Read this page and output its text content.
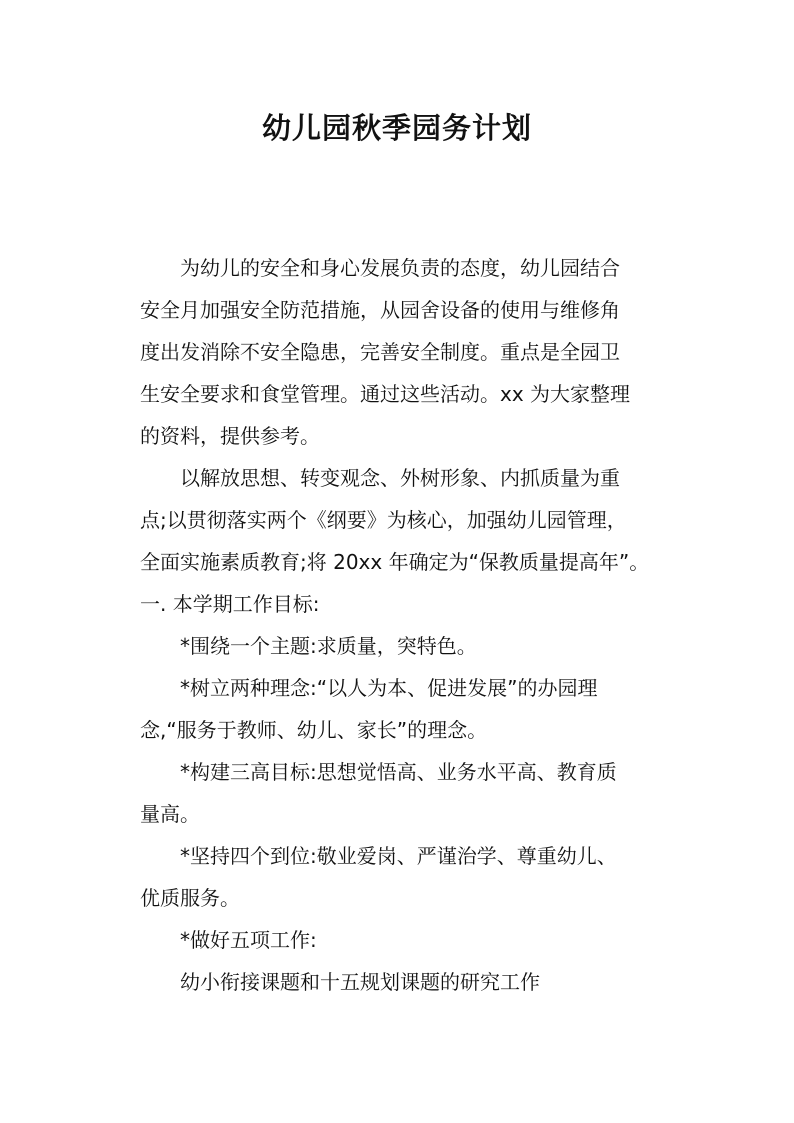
幼儿园秋季园务计划
为幼儿的安全和身心发展负责的态度，幼儿园结合
安全月加强安全防范措施，从园舍设备的使用与维修角
度出发消除不安全隐患，完善安全制度。重点是全园卫
生安全要求和食堂管理。通过这些活动。xx 为大家整理
的资料，提供参考。
以解放思想、转变观念、外树形象、内抓质量为重
点;以贯彻落实两个《纲要》为核心，加强幼儿园管理，
全面实施素质教育;将 20xx 年确定为“保教质量提高年”。
一. 本学期工作目标:
*围绕一个主题:求质量，突特色。
*树立两种理念:“以人为本、促进发展”的办园理
念,“服务于教师、幼儿、家长”的理念。
*构建三高目标:思想觉悟高、业务水平高、教育质
量高。
*坚持四个到位:敬业爱岗、严谨治学、尊重幼儿、
优质服务。
*做好五项工作:
幼小衔接课题和十五规划课题的研究工作
